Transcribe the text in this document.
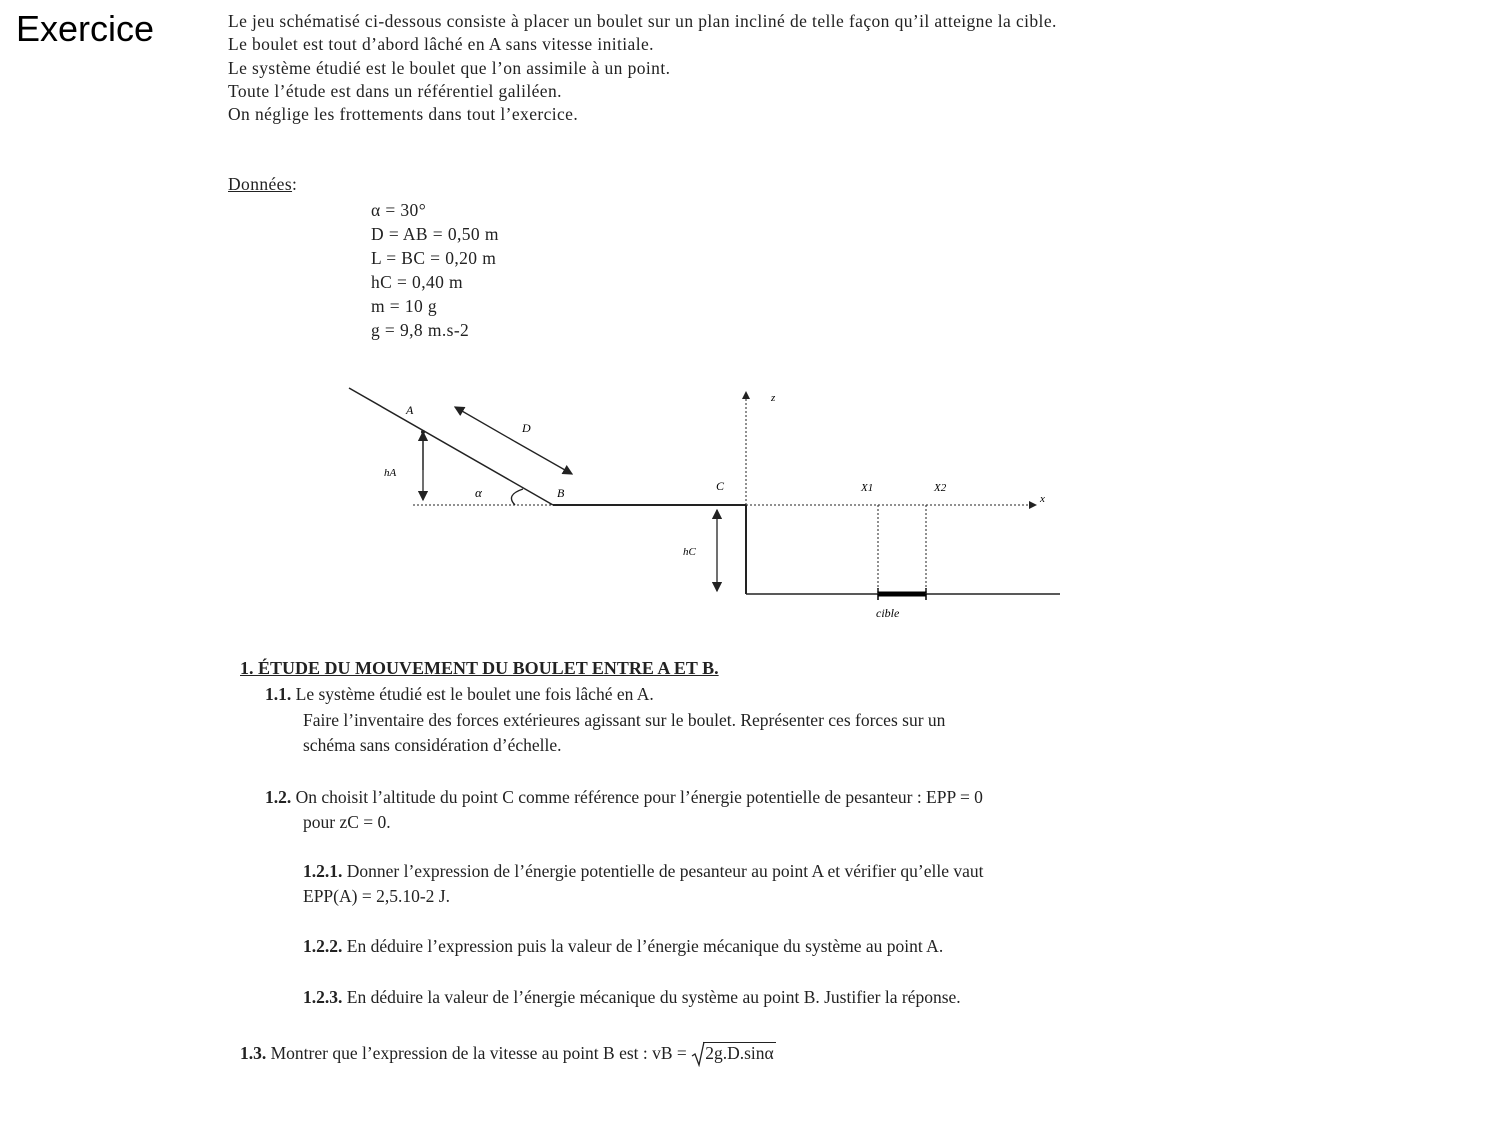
Exercice	Le jeu schématisé ci-dessous consiste à placer un boulet sur un plan incliné de telle façon qu’il atteigne la cible.

Le boulet est tout d’abord lâché en A sans vitesse initiale.

Le système étudié est le boulet que l’on assimile à un point.

Toute l’étude est dans un référentiel galiléen.

On néglige les frottements dans tout l’exercice.

Données:
α = 30°
D = AB = 0,50 m
L = BC = 0,20 m
hC = 0,40 m
m = 10 g
g = 9,8 m.s-2
A
B	C
D
α
hA
hC
z
x
X1	X2
cible
1. ÉTUDE DU MOUVEMENT DU BOULET ENTRE A ET B.
1.1. Le système étudié est le boulet une fois lâché en A.
Faire l’inventaire des forces extérieures agissant sur le boulet. Représenter ces forces sur un
schéma sans considération d’échelle.
1.2. On choisit l’altitude du point C comme référence pour l’énergie potentielle de pesanteur : EPP = 0
pour zC = 0.
1.2.1. Donner l’expression de l’énergie potentielle de pesanteur au point A et vérifier qu’elle vaut
EPP(A) = 2,5.10-2 J.
1.2.2. En déduire l’expression puis la valeur de l’énergie mécanique du système au point A.
1.2.3. En déduire la valeur de l’énergie mécanique du système au point B. Justifier la réponse.
1.3. Montrer que l’expression de la vitesse au point B est : vB = 2g.D.sinα
